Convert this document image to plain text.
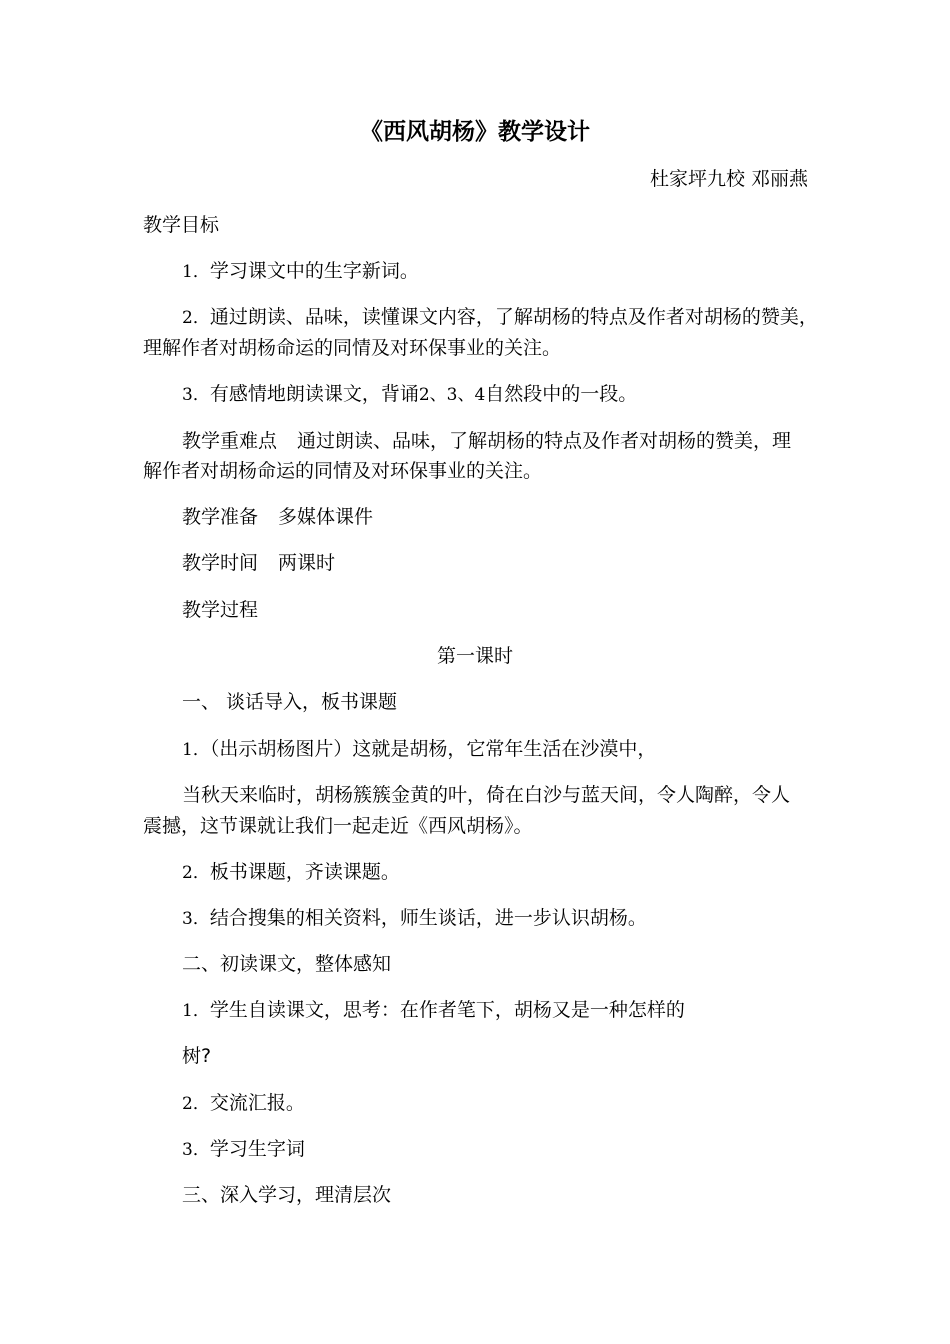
《西风胡杨》教学设计
杜家坪九校 邓丽燕
教学目标
1．学习课文中的生字新词。
2．通过朗读、品味，读懂课文内容，了解胡杨的特点及作者对胡杨的赞美，
理解作者对胡杨命运的同情及对环保事业的关注。
3．有感情地朗读课文，背诵2、3、4自然段中的一段。
教学重难点 通过朗读、品味，了解胡杨的特点及作者对胡杨的赞美，理
解作者对胡杨命运的同情及对环保事业的关注。
教学准备 多媒体课件
教学时间 两课时
教学过程
第一课时
一、 谈话导入，板书课题
1．（出示胡杨图片）这就是胡杨，它常年生活在沙漠中，
当秋天来临时，胡杨簇簇金黄的叶，倚在白沙与蓝天间，令人陶醉，令人
震撼，这节课就让我们一起走近《西风胡杨》。
2．板书课题，齐读课题。
3．结合搜集的相关资料，师生谈话，进一步认识胡杨。
二、初读课文，整体感知
1．学生自读课文，思考：在作者笔下，胡杨又是一种怎样的
树?
2．交流汇报。
3．学习生字词
三、深入学习，理清层次
